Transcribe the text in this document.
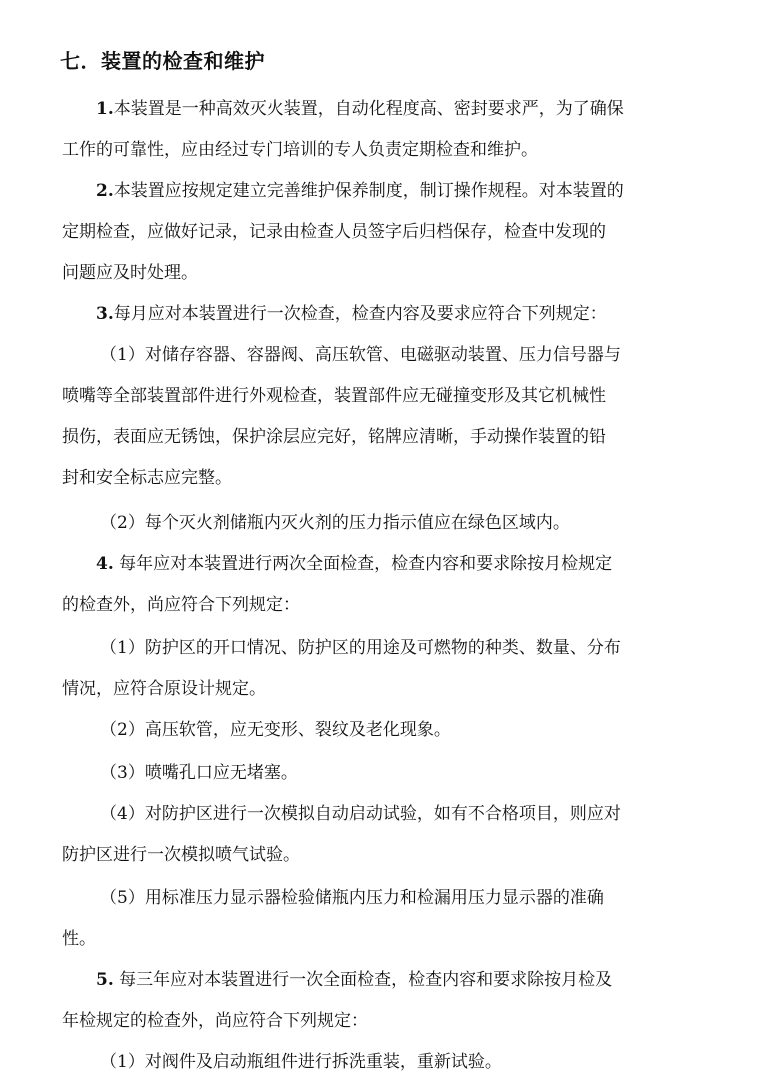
七．装置的检查和维护
1.本装置是一种高效灭火装置，自动化程度高、密封要求严，为了确保
工作的可靠性，应由经过专门培训的专人负责定期检查和维护。
2.本装置应按规定建立完善维护保养制度，制订操作规程。对本装置的
定期检查，应做好记录，记录由检查人员签字后归档保存，检查中发现的
问题应及时处理。
3.每月应对本装置进行一次检查，检查内容及要求应符合下列规定：
（1）对储存容器、容器阀、高压软管、电磁驱动装置、压力信号器与
喷嘴等全部装置部件进行外观检查，装置部件应无碰撞变形及其它机械性
损伤，表面应无锈蚀，保护涂层应完好，铭牌应清晰，手动操作装置的铅
封和安全标志应完整。
（2）每个灭火剂储瓶内灭火剂的压力指示值应在绿色区域内。
4. 每年应对本装置进行两次全面检查，检查内容和要求除按月检规定
的检查外，尚应符合下列规定：
（1）防护区的开口情况、防护区的用途及可燃物的种类、数量、分布
情况，应符合原设计规定。
（2）高压软管，应无变形、裂纹及老化现象。
（3）喷嘴孔口应无堵塞。
（4）对防护区进行一次模拟自动启动试验，如有不合格项目，则应对
防护区进行一次模拟喷气试验。
（5）用标准压力显示器检验储瓶内压力和检漏用压力显示器的准确
性。
5. 每三年应对本装置进行一次全面检查，检查内容和要求除按月检及
年检规定的检查外，尚应符合下列规定：
（1）对阀件及启动瓶组件进行拆洗重装，重新试验。
